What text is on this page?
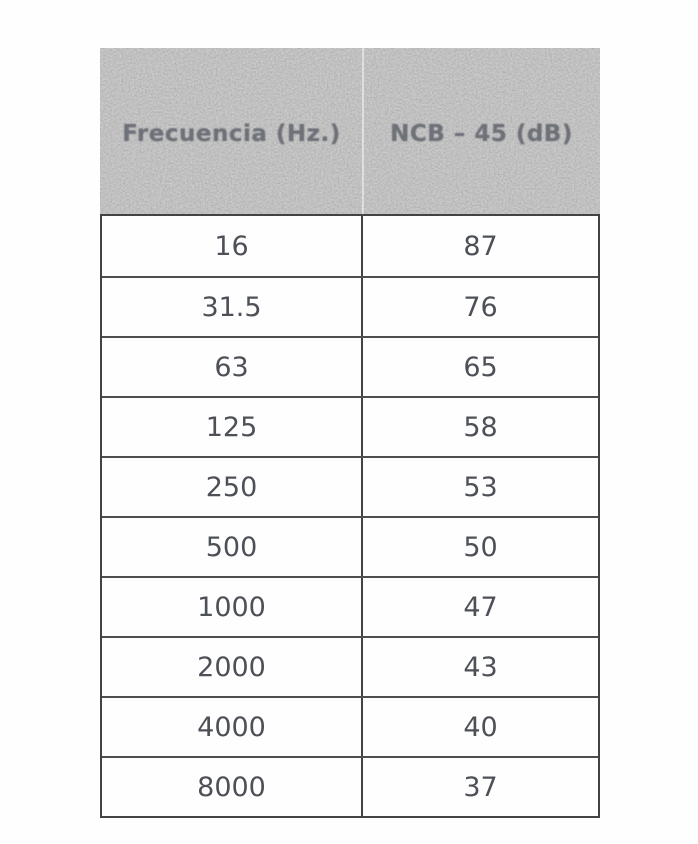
Frecuencia (Hz.)	NCB – 45 (dB)
16	87
31.5	76
63	65
125	58
250	53
500	50
1000	47
2000	43
4000	40
8000	37
